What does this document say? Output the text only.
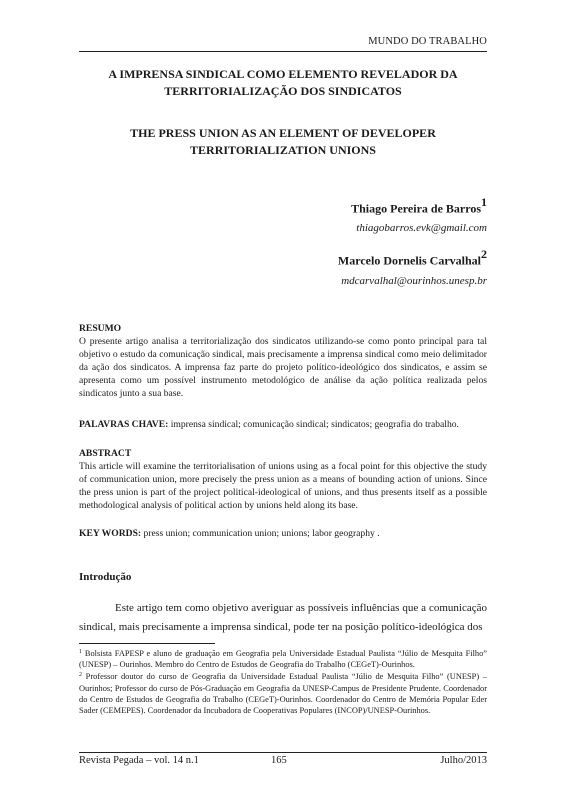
MUNDO DO TRABALHO
A IMPRENSA SINDICAL COMO ELEMENTO REVELADOR DA TERRITORIALIZAÇÃO DOS SINDICATOS
THE PRESS UNION AS AN ELEMENT OF DEVELOPER TERRITORIALIZATION UNIONS
Thiago Pereira de Barros$^1$
thiagobarros.evk@gmail.com
Marcelo Dornelis Carvalhal$^2$
mdcarvalhal@ourinhos.unesp.br
RESUMO
O presente artigo analisa a territorialização dos sindicatos utilizando-se como ponto principal para tal objetivo o estudo da comunicação sindical, mais precisamente a imprensa sindical como meio delimitador da ação dos sindicatos. A imprensa faz parte do projeto político-ideológico dos sindicatos, e assim se apresenta como um possível instrumento metodológico de análise da ação política realizada pelos sindicatos junto a sua base.
PALAVRAS CHAVE: imprensa sindical; comunicação sindical; sindicatos; geografia do trabalho.
ABSTRACT
This article will examine the territorialisation of unions using as a focal point for this objective the study of communication union, more precisely the press union as a means of bounding action of unions. Since the press union is part of the project political-ideological of unions, and thus presents itself as a possible methodological analysis of political action by unions held along its base.
KEY WORDS: press union; communication union; unions; labor geography .
Introdução
Este artigo tem como objetivo averiguar as possíveis influências que a comunicação sindical, mais precisamente a imprensa sindical, pode ter na posição político-ideológica dos

$^1$ Bolsista FAPESP e aluno de graduação em Geografia pela Universidade Estadual Paulista “Júlio de Mesquita Filho” (UNESP) – Ourinhos. Membro do Centro de Estudos de Geografia do Trabalho (CEGeT)-Ourinhos.

$^2$ Professor doutor do curso de Geografia da Universidade Estadual Paulista “Júlio de Mesquita Filho” (UNESP) – Ourinhos; Professor do curso de Pós-Graduação em Geografia da UNESP-Campus de Presidente Prudente. Coordenador do Centro de Estudos de Geografia do Trabalho (CEGeT)-Ourinhos. Coordenador do Centro de Memória Popular Eder Sader (CEMEPES). Coordenador da Incubadora de Cooperativas Populares (INCOP)/UNESP-Ourinhos.

Revista Pegada – vol. 14 n.1	165	Julho/2013
